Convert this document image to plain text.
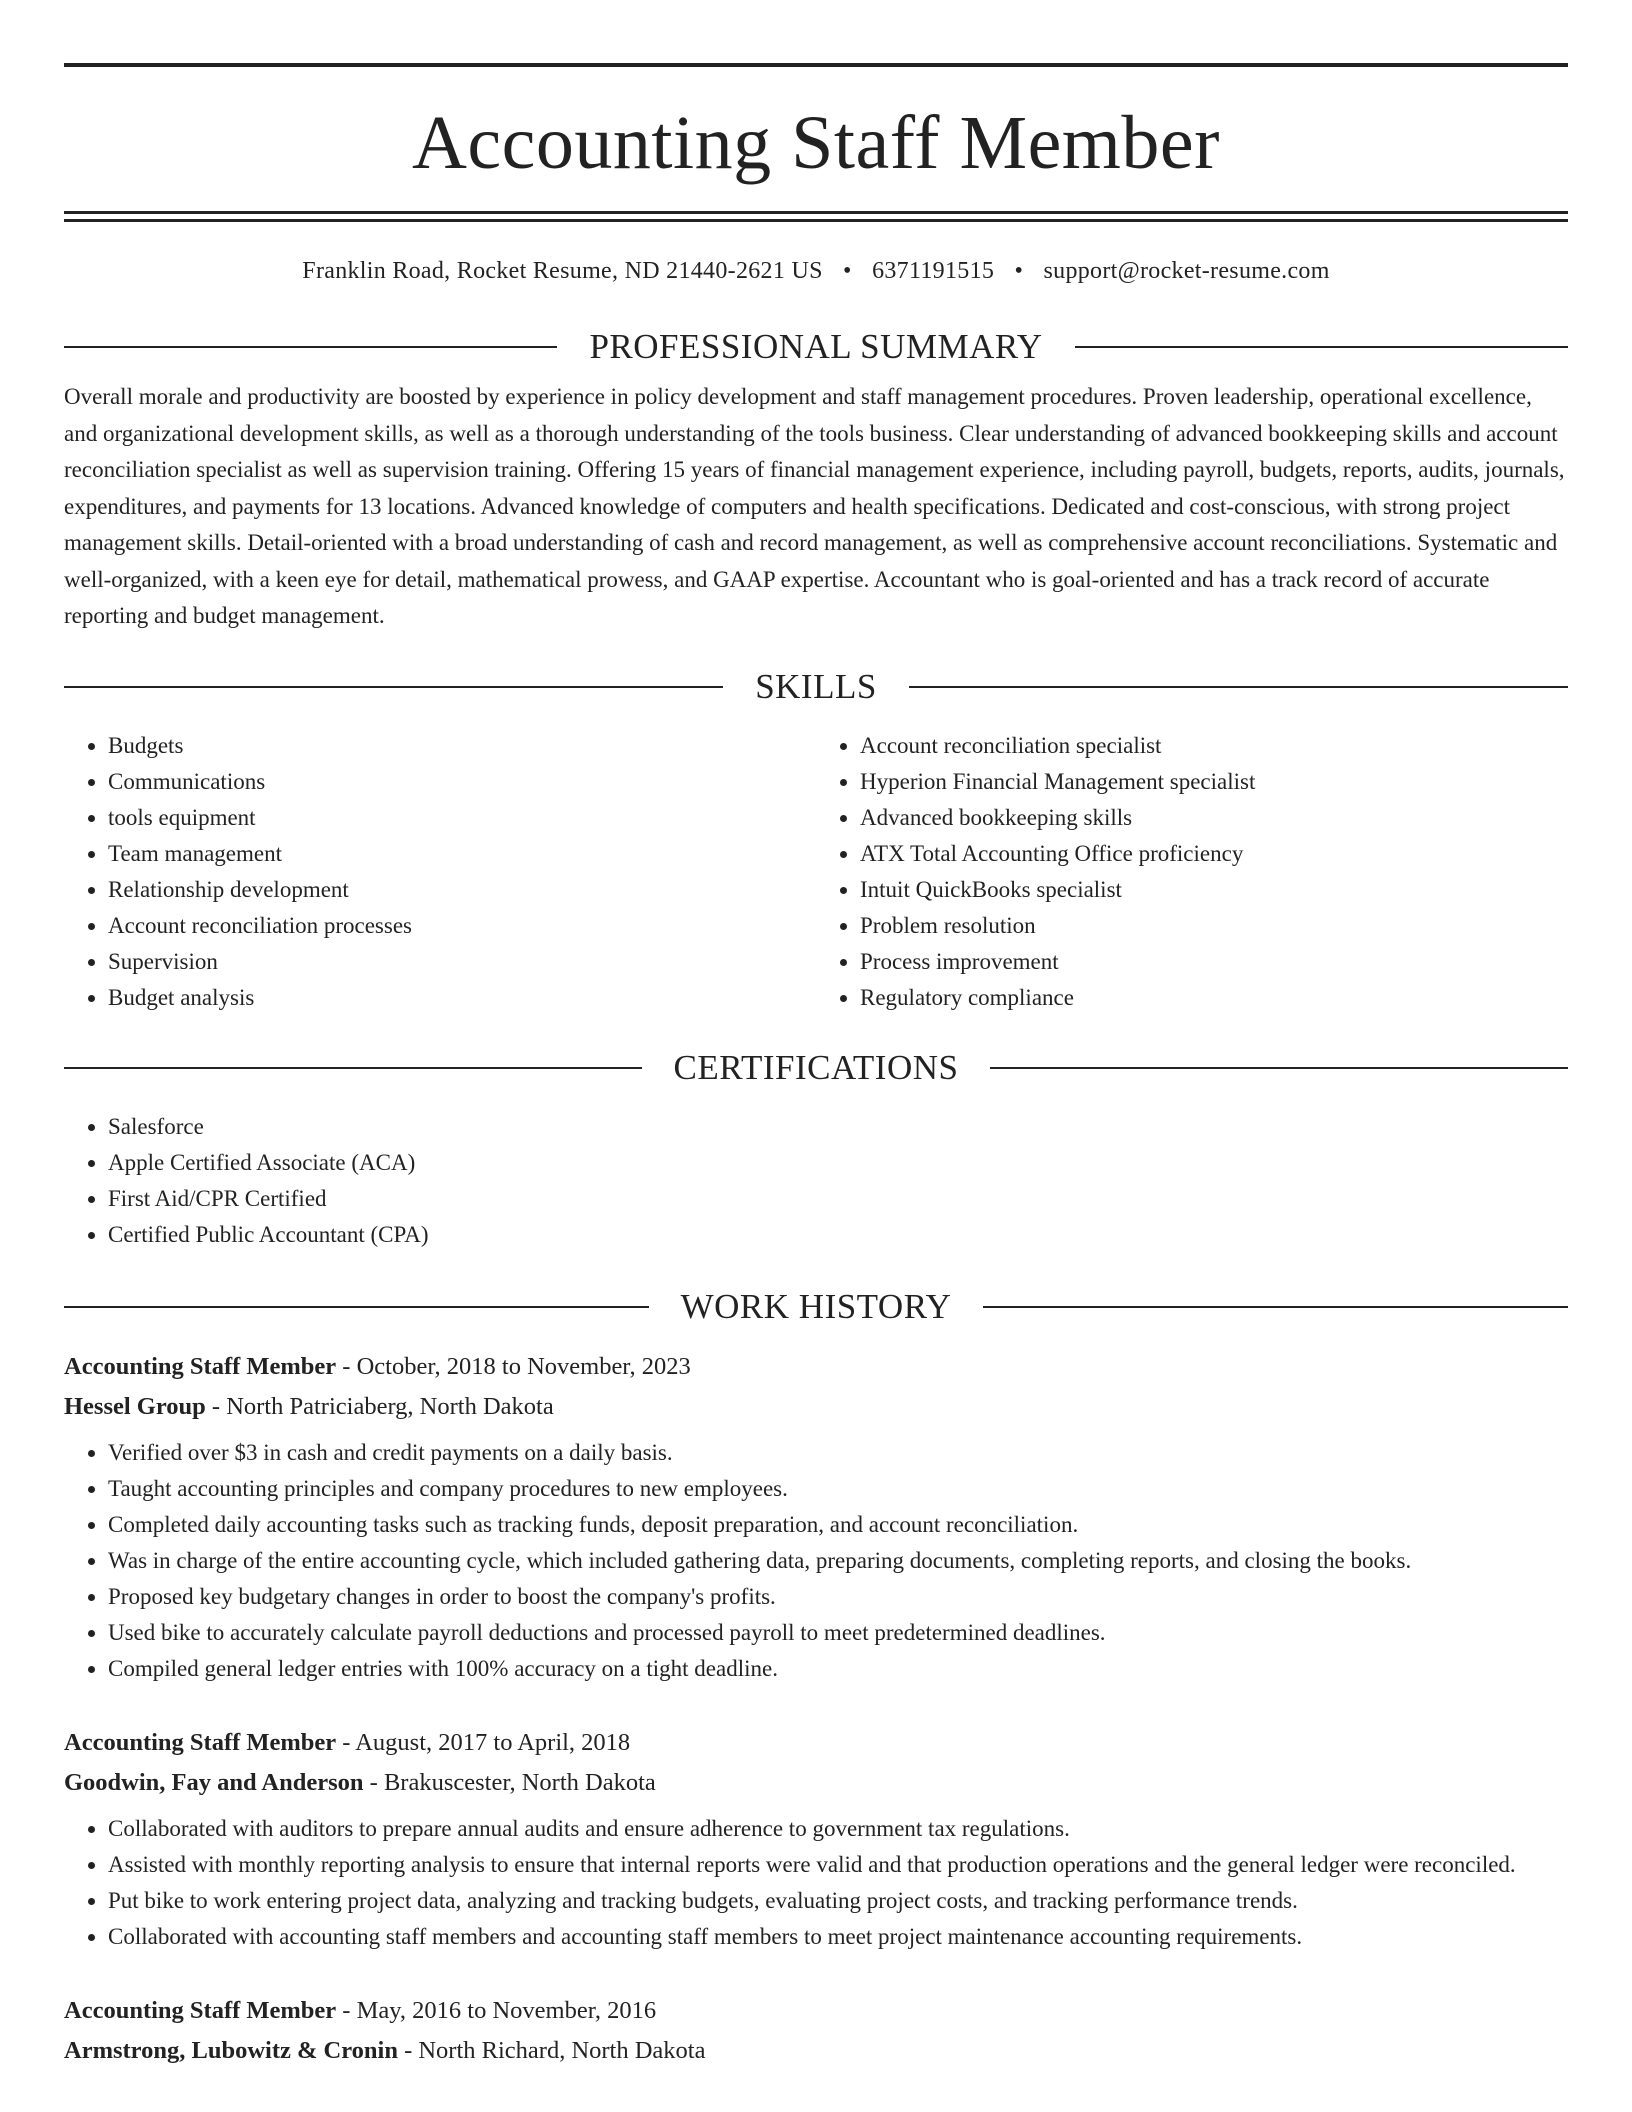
Accounting Staff Member
Franklin Road, Rocket Resume, ND 21440-2621 US • 6371191515 • support@rocket-resume.com
PROFESSIONAL SUMMARY

Overall morale and productivity are boosted by experience in policy development and staff management procedures. Proven leadership, operational excellence, and organizational development skills, as well as a thorough understanding of the tools business. Clear understanding of advanced bookkeeping skills and account reconciliation specialist as well as supervision training. Offering 15 years of financial management experience, including payroll, budgets, reports, audits, journals, expenditures, and payments for 13 locations. Advanced knowledge of computers and health specifications. Dedicated and cost-conscious, with strong project management skills. Detail-oriented with a broad understanding of cash and record management, as well as comprehensive account reconciliations. Systematic and well-organized, with a keen eye for detail, mathematical prowess, and GAAP expertise. Accountant who is goal-oriented and has a track record of accurate reporting and budget management.

SKILLS
• Budgets
• Communications
• tools equipment
• Team management
• Relationship development
• Account reconciliation processes
• Supervision
• Budget analysis
• Account reconciliation specialist
• Hyperion Financial Management specialist
• Advanced bookkeeping skills
• ATX Total Accounting Office proficiency
• Intuit QuickBooks specialist
• Problem resolution
• Process improvement
• Regulatory compliance
CERTIFICATIONS
• Salesforce
• Apple Certified Associate (ACA)
• First Aid/CPR Certified
• Certified Public Accountant (CPA)
WORK HISTORY
Accounting Staff Member - October, 2018 to November, 2023
Hessel Group - North Patriciaberg, North Dakota
• Verified over $3 in cash and credit payments on a daily basis.
• Taught accounting principles and company procedures to new employees.
• Completed daily accounting tasks such as tracking funds, deposit preparation, and account reconciliation.
• Was in charge of the entire accounting cycle, which included gathering data, preparing documents, completing reports, and closing the books.
• Proposed key budgetary changes in order to boost the company's profits.
• Used bike to accurately calculate payroll deductions and processed payroll to meet predetermined deadlines.
• Compiled general ledger entries with 100% accuracy on a tight deadline.
Accounting Staff Member - August, 2017 to April, 2018
Goodwin, Fay and Anderson - Brakuscester, North Dakota
• Collaborated with auditors to prepare annual audits and ensure adherence to government tax regulations.
• Assisted with monthly reporting analysis to ensure that internal reports were valid and that production operations and the general ledger were reconciled.
• Put bike to work entering project data, analyzing and tracking budgets, evaluating project costs, and tracking performance trends.
• Collaborated with accounting staff members and accounting staff members to meet project maintenance accounting requirements.
Accounting Staff Member - May, 2016 to November, 2016
Armstrong, Lubowitz & Cronin - North Richard, North Dakota
